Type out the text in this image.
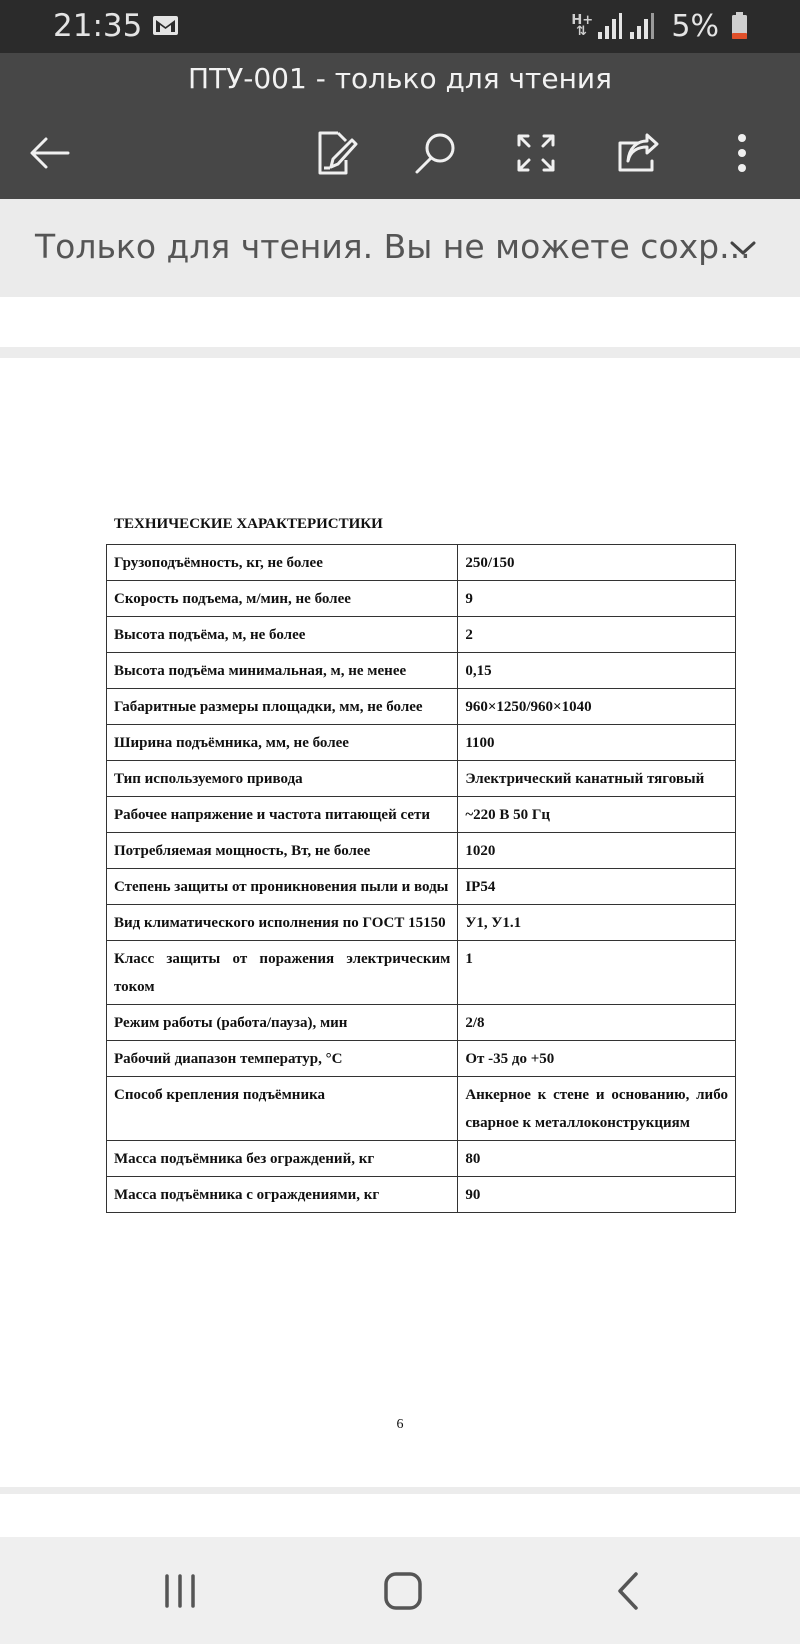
21:35	H+
⇅	5%
ПТУ-001 - только для чтения
Только для чтения. Вы не можете сохр...
ТЕХНИЧЕСКИЕ ХАРАКТЕРИСТИКИ
Грузоподъёмность, кг, не более	250/150
Скорость подъема, м/мин, не более	9
Высота подъёма, м, не более	2
Высота подъёма минимальная, м, не менее	0,15
Габаритные размеры площадки, мм, не более	960×1250/960×1040
Ширина подъёмника, мм, не более	1100
Тип используемого привода	Электрический канатный тяговый
Рабочее напряжение и частота питающей сети	~220 В 50 Гц
Потребляемая мощность, Вт, не более	1020
Степень защиты от проникновения пыли и воды	IP54
Вид климатического исполнения по ГОСТ 15150	У1, У1.1
Класс защиты от поражения электрическим током	1
Режим работы (работа/пауза), мин	2/8
Рабочий диапазон температур, °С	От -35 до +50
Способ крепления подъёмника	Анкерное к стене и основанию, либо сварное к металлоконструкциям
Масса подъёмника без ограждений, кг	80
Масса подъёмника с ограждениями, кг	90
6
